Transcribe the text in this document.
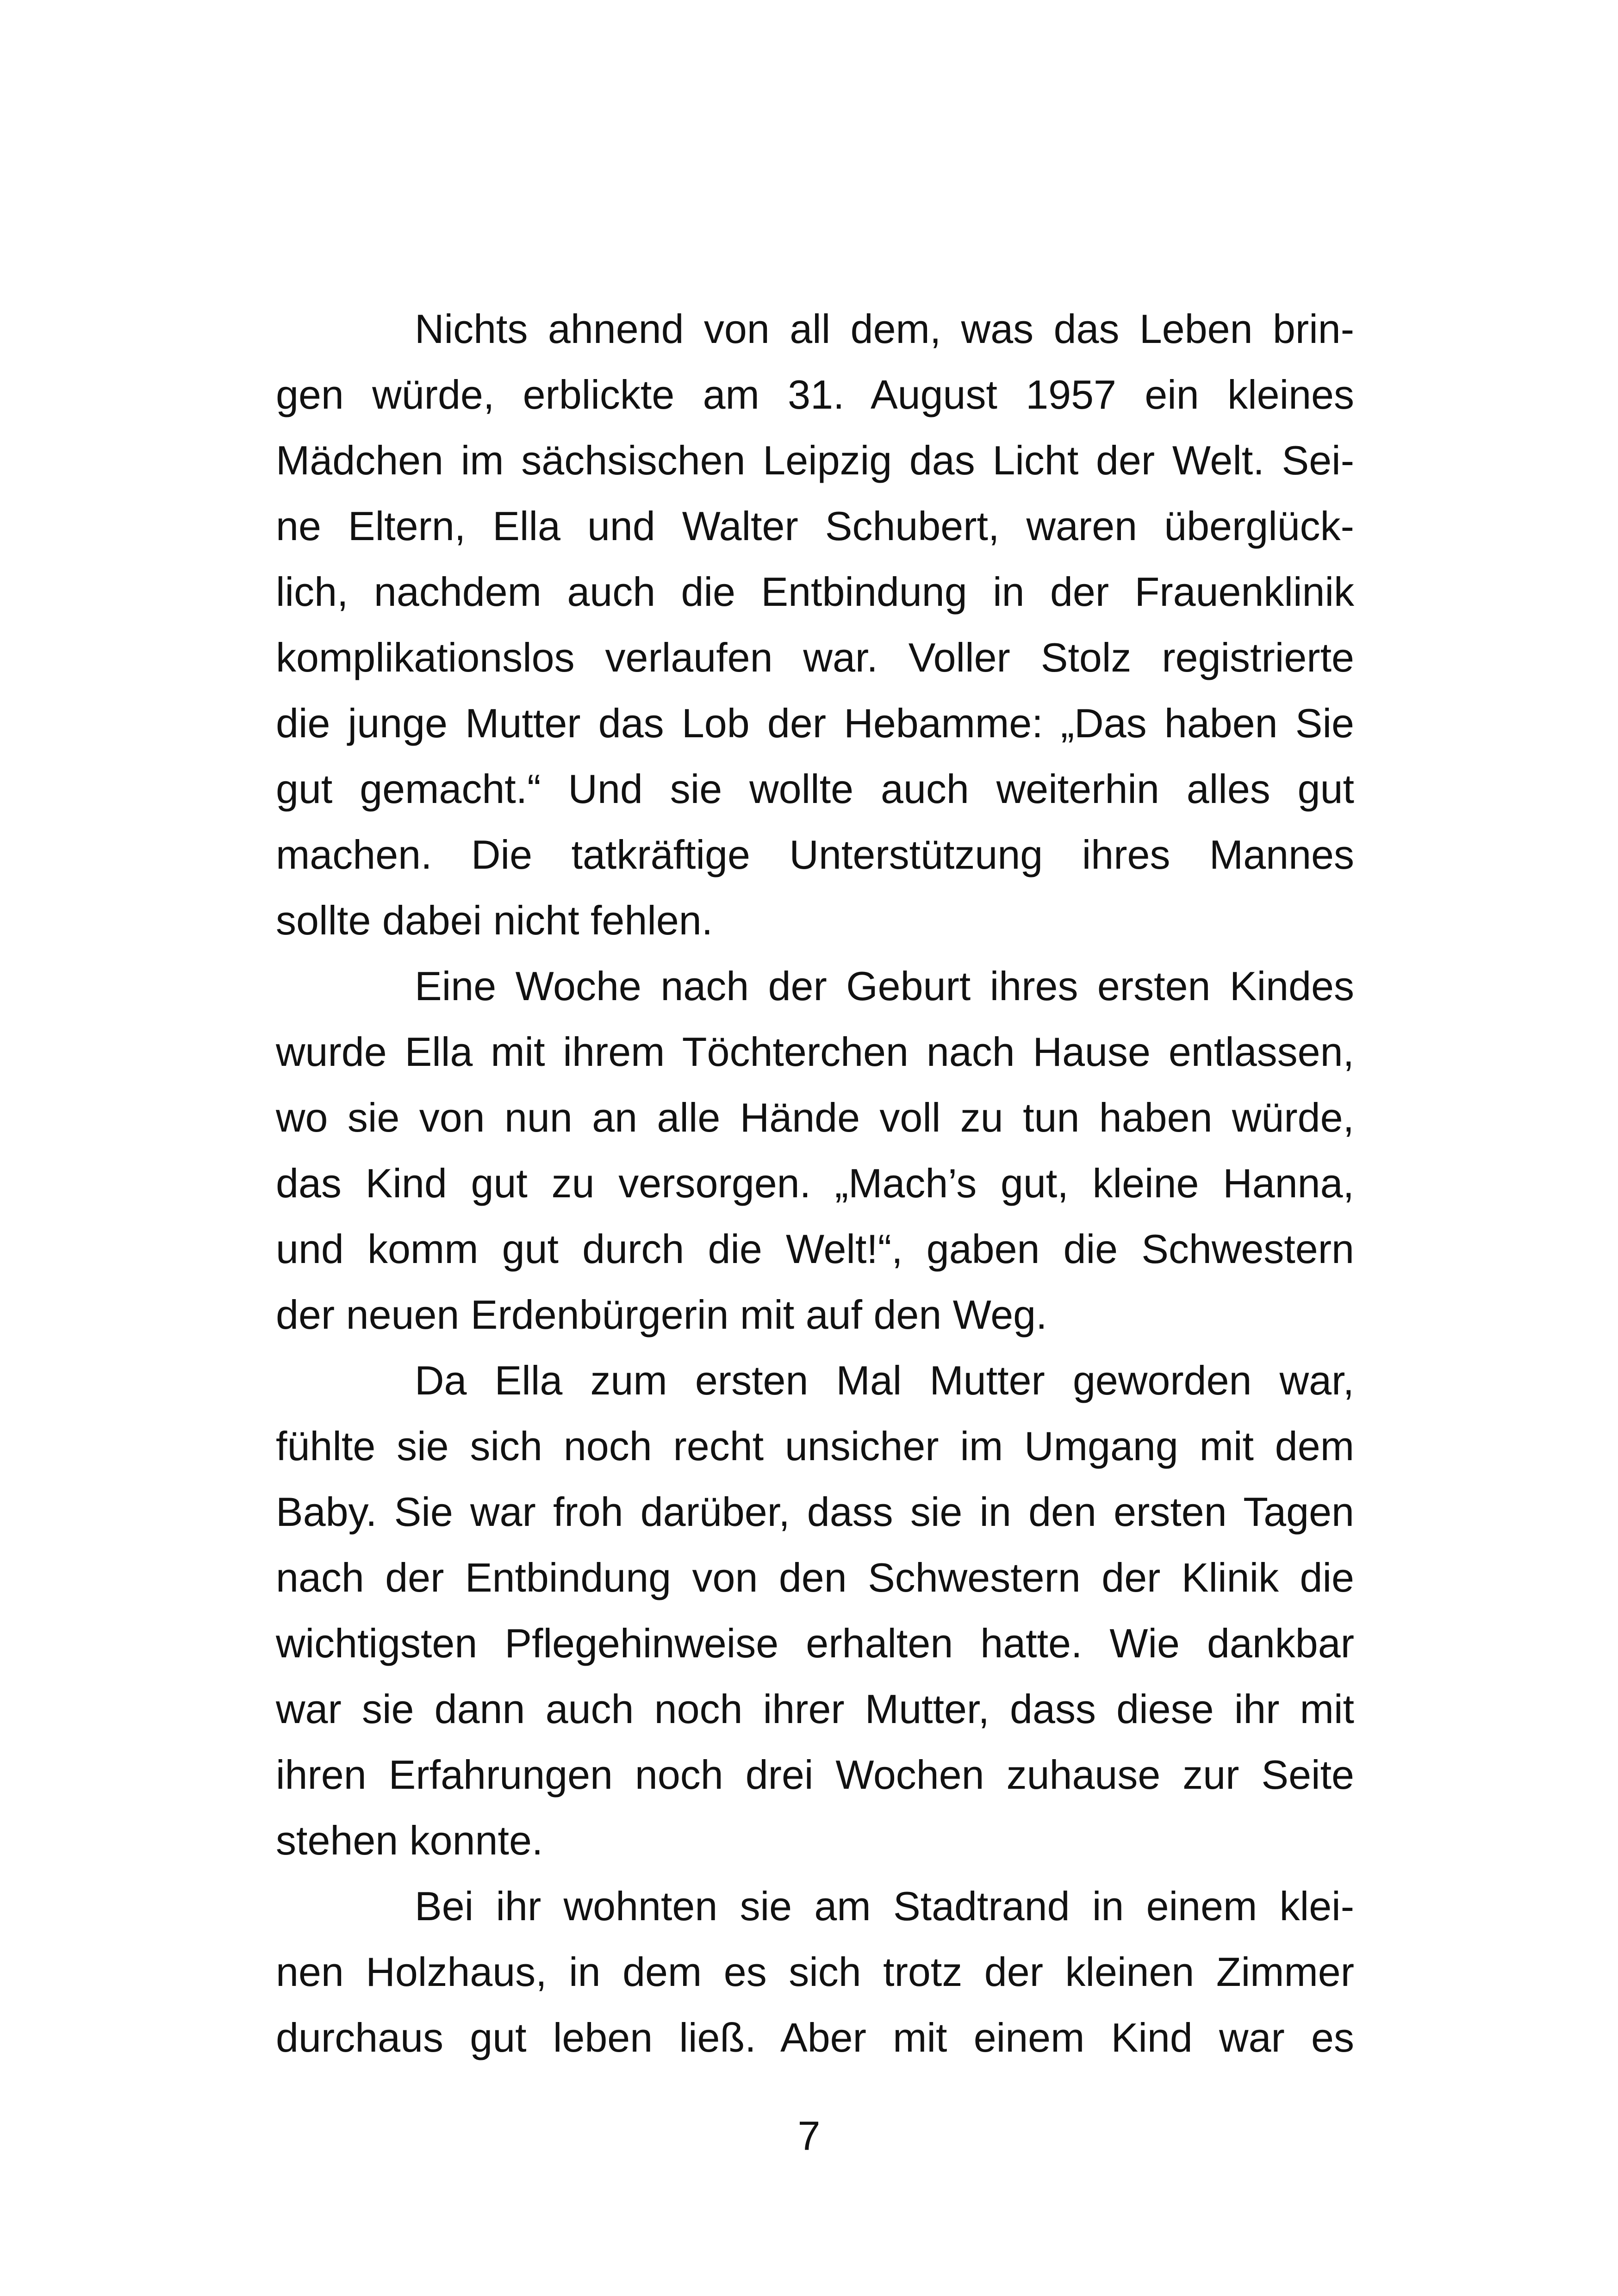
Nichts ahnend von all dem, was das Leben brin-
gen würde, erblickte am 31. August 1957 ein kleines
Mädchen im sächsischen Leipzig das Licht der Welt. Sei-
ne Eltern, Ella und Walter Schubert, waren überglück-
lich, nachdem auch die Entbindung in der Frauenklinik
komplikationslos verlaufen war. Voller Stolz registrierte
die junge Mutter das Lob der Hebamme: „Das haben Sie
gut gemacht.“ Und sie wollte auch weiterhin alles gut
machen. Die tatkräftige Unterstützung ihres Mannes
sollte dabei nicht fehlen.
Eine Woche nach der Geburt ihres ersten Kindes
wurde Ella mit ihrem Töchterchen nach Hause entlassen,
wo sie von nun an alle Hände voll zu tun haben würde,
das Kind gut zu versorgen. „Mach’s gut, kleine Hanna,
und komm gut durch die Welt!“, gaben die Schwestern
der neuen Erdenbürgerin mit auf den Weg.
Da Ella zum ersten Mal Mutter geworden war,
fühlte sie sich noch recht unsicher im Umgang mit dem
Baby. Sie war froh darüber, dass sie in den ersten Tagen
nach der Entbindung von den Schwestern der Klinik die
wichtigsten Pflegehinweise erhalten hatte. Wie dankbar
war sie dann auch noch ihrer Mutter, dass diese ihr mit
ihren Erfahrungen noch drei Wochen zuhause zur Seite
stehen konnte.
Bei ihr wohnten sie am Stadtrand in einem klei-
nen Holzhaus, in dem es sich trotz der kleinen Zimmer
durchaus gut leben ließ. Aber mit einem Kind war es
7
